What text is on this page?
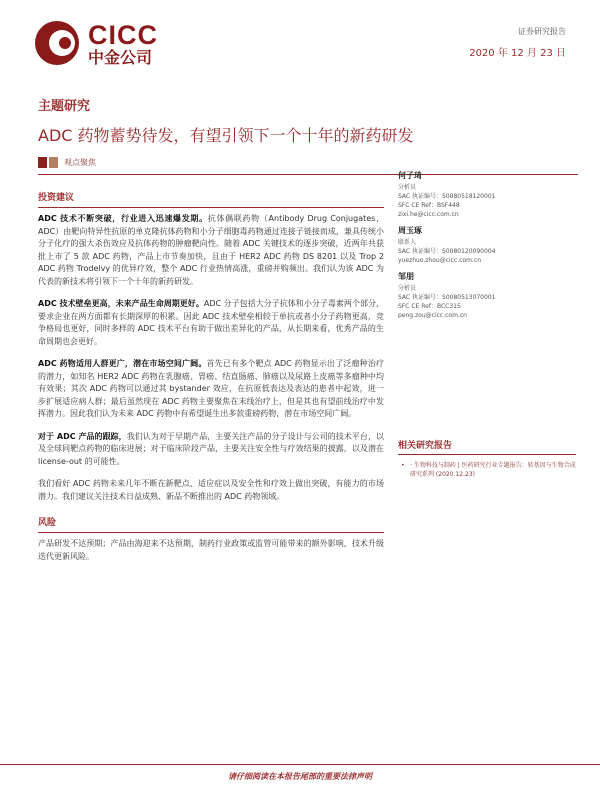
CICC
中金公司
证券研究报告
2020 年 12 月 23 日
主题研究
ADC 药物蓄势待发，有望引领下一个十年的新药研发
观点聚焦
投资建议

ADC 技术不断突破，行业进入迅速爆发期。抗体偶联药物（Antibody Drug Conjugates，ADC）由靶向特异性抗原的单克隆抗体药物和小分子细胞毒药物通过连接子链接而成，兼具传统小分子化疗的强大杀伤效应及抗体药物的肿瘤靶向性。随着 ADC 关键技术的逐步突破，近两年共获批上市了 5 款 ADC 药物，产品上市节奏加快，且由于 HER2 ADC 药物 DS 8201 以及 Trop 2 ADC 药物 Trodelvy 的优异疗效，整个 ADC 行业热情高涨，重磅并购频出。我们认为该 ADC 为代表的新技术将引领下一个十年的新药研发。

ADC 技术壁垒更高，未来产品生命周期更好。ADC 分子包括大分子抗体和小分子毒素两个部分，要求企业在两方面都有长期深厚的积累。因此 ADC 技术壁垒相较于单抗或者小分子药物更高，竞争格局也更好，同时多样的 ADC 技术平台有助于做出差异化的产品，从长期来看，优秀产品的生命周期也会更好。

ADC 药物适用人群更广，潜在市场空间广阔。首先已有多个靶点 ADC 药物显示出了泛瘤种治疗的潜力，如知名 HER2 ADC 药物在乳腺癌、胃癌、结直肠癌、肺癌以及尿路上皮癌等多瘤种中均有效果；其次 ADC 药物可以通过其 bystander 效应，在抗原低表达及表达的患者中起效，进一步扩展适应病人群；最后虽然现在 ADC 药物主要聚焦在末线治疗上，但是其也有望前线治疗中发挥潜力。因此我们认为未来 ADC 药物中有希望诞生出多款重磅药物，潜在市场空间广阔。

对于 ADC 产品的跟踪，我们认为对于早期产品，主要关注产品的分子设计与公司的技术平台，以及全球同靶点药物的临床进展；对于临床阶段产品，主要关注安全性与疗效结果的披露，以及潜在 license-out 的可能性。

我们看好 ADC 药物未来几年不断在新靶点、适应症以及安全性和疗效上做出突破，有能力的市场潜力。我们建议关注技术日益成熟、新品不断推出的 ADC 药物领域。

风险

产品研发不达预期；产品由海迎来不达预期，制药行业政策或监管可能带来的额外影响，技术升级迭代更新风险。

何子琦
分析员
SAC 执证编号：S0080518120001
SFC CE Ref：BSF448
zixi.he@cicc.com.cn
周玉琢
联系人
SAC 执证编号：S0080120090004
yuezhuo.zhou@cicc.com.cn
邹朋
分析员
SAC 执证编号：S0080513070001
SFC CE Ref：BCC315
peng.zou@cicc.com.cn
相关研究报告
• · 生物科技与制药 | 医药研究行业专题报告：转基因与生物合成研究系列 (2020.12.23)
请仔细阅读在本报告尾部的重要法律声明
